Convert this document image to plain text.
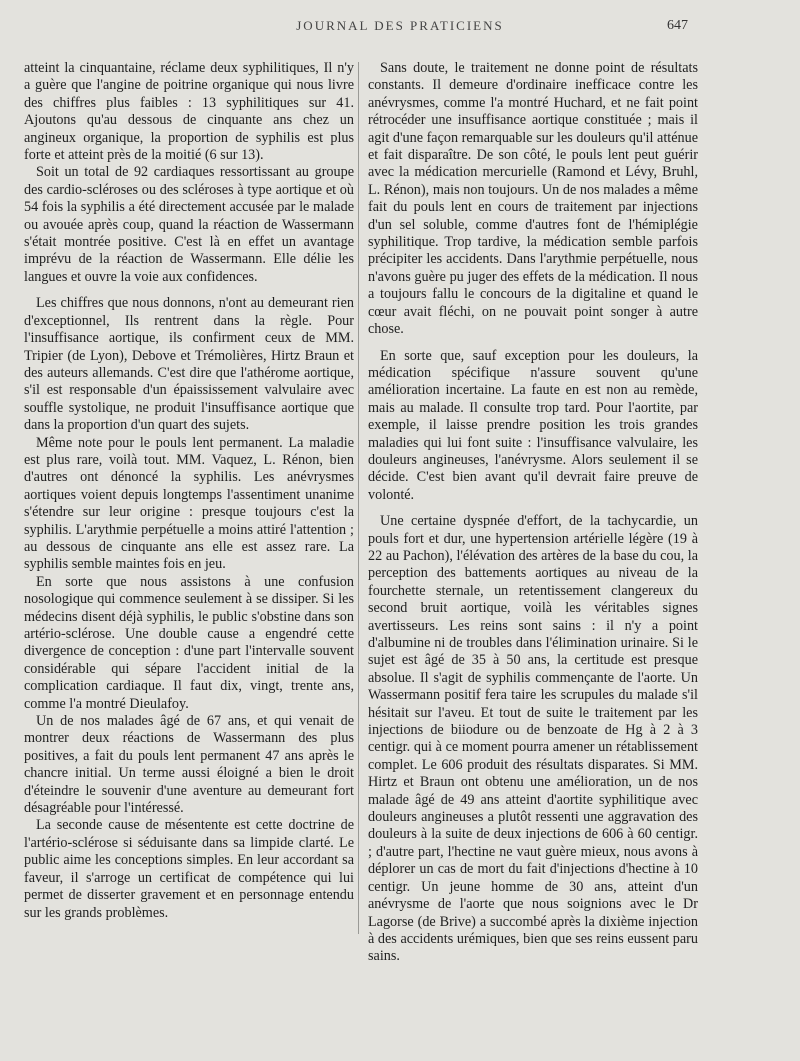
JOURNAL DES PRATICIENS	647

atteint la cinquantaine, réclame deux syphilitiques, Il n'y a guère que l'angine de poitrine organique qui nous livre des chiffres plus faibles : 13 syphilitiques sur 41. Ajoutons qu'au dessous de cinquante ans chez un angineux organique, la proportion de syphilis est plus forte et atteint près de la moitié (6 sur 13).

Soit un total de 92 cardiaques ressortissant au groupe des cardio-scléroses ou des scléroses à type aortique et où 54 fois la syphilis a été directement accusée par le malade ou avouée après coup, quand la réaction de Wassermann s'était montrée positive. C'est là en effet un avantage imprévu de la réaction de Wassermann. Elle délie les langues et ouvre la voie aux confidences.

Les chiffres que nous donnons, n'ont au demeurant rien d'exceptionnel, Ils rentrent dans la règle. Pour l'insuffisance aortique, ils confirment ceux de MM. Tripier (de Lyon), Debove et Trémolières, Hirtz Braun et des auteurs allemands. C'est dire que l'athérome aortique, s'il est responsable d'un épaississement valvulaire avec souffle systolique, ne produit l'insuffisance aortique que dans la proportion d'un quart des sujets.

Même note pour le pouls lent permanent. La maladie est plus rare, voilà tout. MM. Vaquez, L. Rénon, bien d'autres ont dénoncé la syphilis. Les anévrysmes aortiques voient depuis longtemps l'assentiment unanime s'étendre sur leur origine : presque toujours c'est la syphilis. L'arythmie perpétuelle a moins attiré l'attention ; au dessous de cinquante ans elle est assez rare. La syphilis semble maintes fois en jeu.

En sorte que nous assistons à une confusion nosologique qui commence seulement à se dissiper. Si les médecins disent déjà syphilis, le public s'obstine dans son artério-sclérose. Une double cause a engendré cette divergence de conception : d'une part l'intervalle souvent considérable qui sépare l'accident initial de la complication cardiaque. Il faut dix, vingt, trente ans, comme l'a montré Dieulafoy.

Un de nos malades âgé de 67 ans, et qui venait de montrer deux réactions de Wassermann des plus positives, a fait du pouls lent permanent 47 ans après le chancre initial. Un terme aussi éloigné a bien le droit d'éteindre le souvenir d'une aventure au demeurant fort désagréable pour l'intéressé.

La seconde cause de mésentente est cette doctrine de l'artério-sclérose si séduisante dans sa limpide clarté. Le public aime les conceptions simples. En leur accordant sa faveur, il s'arroge un certificat de compétence qui lui permet de disserter gravement et en personnage entendu sur les grands problèmes.

Sans doute, le traitement ne donne point de résultats constants. Il demeure d'ordinaire inefficace contre les anévrysmes, comme l'a montré Huchard, et ne fait point rétrocéder une insuffisance aortique constituée ; mais il agit d'une façon remarquable sur les douleurs qu'il atténue et fait disparaître. De son côté, le pouls lent peut guérir avec la médication mercurielle (Ramond et Lévy, Bruhl, L. Rénon), mais non toujours. Un de nos malades a même fait du pouls lent en cours de traitement par injections d'un sel soluble, comme d'autres font de l'hémiplégie syphilitique. Trop tardive, la médication semble parfois précipiter les accidents. Dans l'arythmie perpétuelle, nous n'avons guère pu juger des effets de la médication. Il nous a toujours fallu le concours de la digitaline et quand le cœur avait fléchi, on ne pouvait point songer à autre chose.

En sorte que, sauf exception pour les douleurs, la médication spécifique n'assure souvent qu'une amélioration incertaine. La faute en est non au remède, mais au malade. Il consulte trop tard. Pour l'aortite, par exemple, il laisse prendre position les trois grandes maladies qui lui font suite : l'insuffisance valvulaire, les douleurs angineuses, l'anévrysme. Alors seulement il se décide. C'est bien avant qu'il devrait faire preuve de volonté.

Une certaine dyspnée d'effort, de la tachycardie, un pouls fort et dur, une hypertension artérielle légère (19 à 22 au Pachon), l'élévation des artères de la base du cou, la perception des battements aortiques au niveau de la fourchette sternale, un retentissement clangereux du second bruit aortique, voilà les véritables signes avertisseurs. Les reins sont sains : il n'y a point d'albumine ni de troubles dans l'élimination urinaire. Si le sujet est âgé de 35 à 50 ans, la certitude est presque absolue. Il s'agit de syphilis commençante de l'aorte. Un Wassermann positif fera taire les scrupules du malade s'il hésitait sur l'aveu. Et tout de suite le traitement par les injections de biiodure ou de benzoate de Hg à 2 à 3 centigr. qui à ce moment pourra amener un rétablissement complet. Le 606 produit des résultats disparates. Si MM. Hirtz et Braun ont obtenu une amélioration, un de nos malade âgé de 49 ans atteint d'aortite syphilitique avec douleurs angineuses a plutôt ressenti une aggravation des douleurs à la suite de deux injections de 606 à 60 centigr. ; d'autre part, l'hectine ne vaut guère mieux, nous avons à déplorer un cas de mort du fait d'injections d'hectine à 10 centigr. Un jeune homme de 30 ans, atteint d'un anévrysme de l'aorte que nous soignions avec le Dr Lagorse (de Brive) a succombé après la dixième injection à des accidents urémiques, bien que ses reins eussent paru sains.
